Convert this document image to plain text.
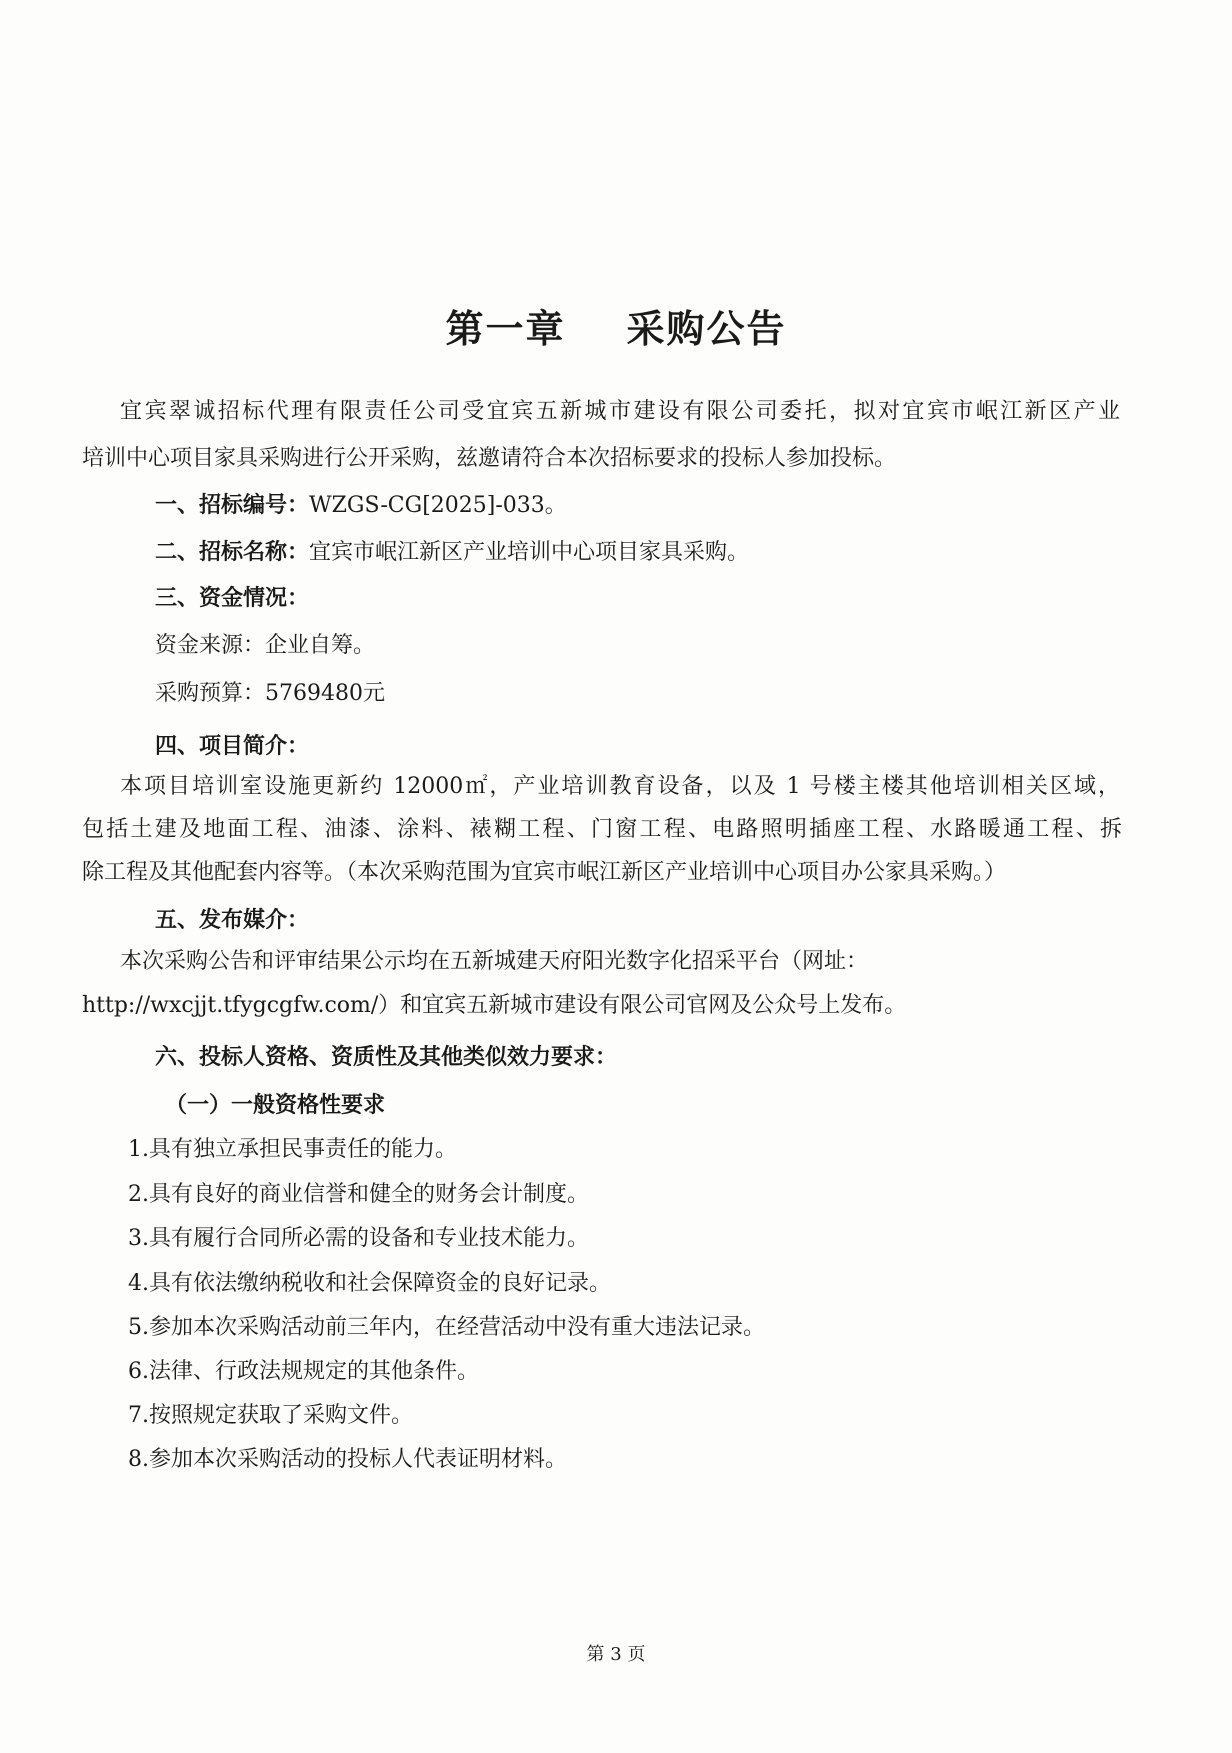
第一章    采购公告
宜宾翠诚招标代理有限责任公司受宜宾五新城市建设有限公司委托，拟对宜宾市岷江新区产业
培训中心项目家具采购进行公开采购，兹邀请符合本次招标要求的投标人参加投标。
一、招标编号：WZGS-CG[2025]-033。
二、招标名称：宜宾市岷江新区产业培训中心项目家具采购。
三、资金情况：
资金来源：企业自筹。
采购预算：5769480元
四、项目简介：
本项目培训室设施更新约 12000㎡，产业培训教育设备，以及 1 号楼主楼其他培训相关区域，
包括土建及地面工程、油漆、涂料、裱糊工程、门窗工程、电路照明插座工程、水路暖通工程、拆
除工程及其他配套内容等。（本次采购范围为宜宾市岷江新区产业培训中心项目办公家具采购。）
五、发布媒介：
本次采购公告和评审结果公示均在五新城建天府阳光数字化招采平台（网址：
http://wxcjjt.tfygcgfw.com/）和宜宾五新城市建设有限公司官网及公众号上发布。
六、投标人资格、资质性及其他类似效力要求：
（一）一般资格性要求
1.具有独立承担民事责任的能力。
2.具有良好的商业信誉和健全的财务会计制度。
3.具有履行合同所必需的设备和专业技术能力。
4.具有依法缴纳税收和社会保障资金的良好记录。
5.参加本次采购活动前三年内，在经营活动中没有重大违法记录。
6.法律、行政法规规定的其他条件。
7.按照规定获取了采购文件。
8.参加本次采购活动的投标人代表证明材料。
第 3 页
